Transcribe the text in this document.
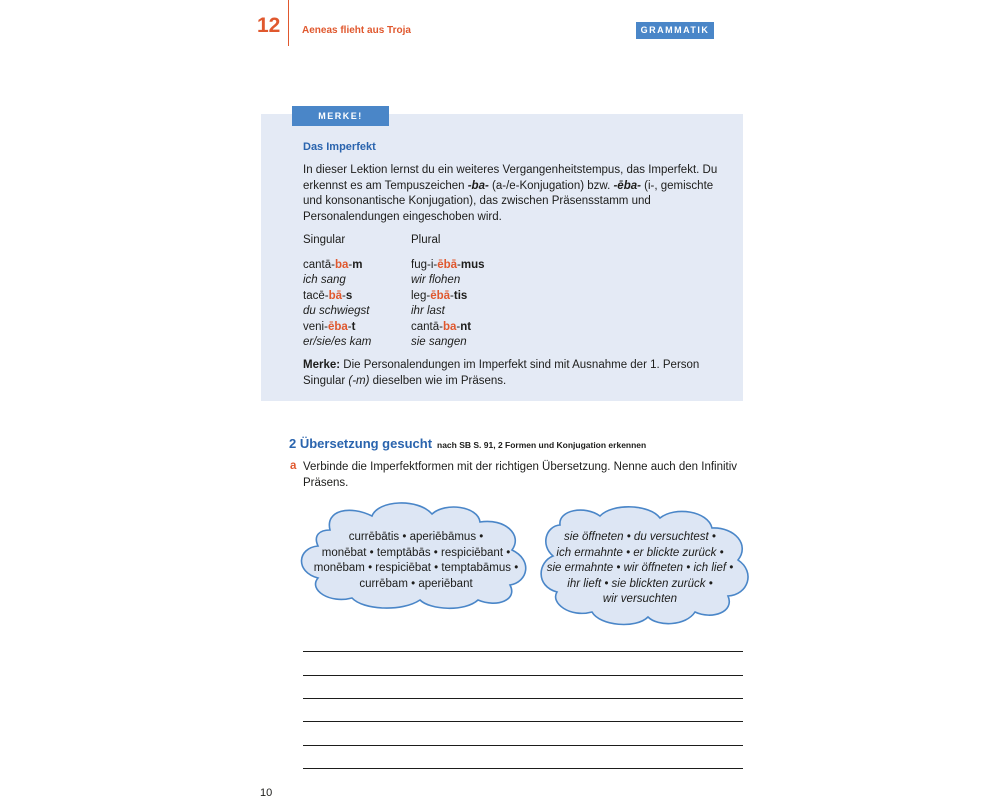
12 Aeneas flieht aus Troja	GRAMMATIK
MERKE!
Das Imperfekt

In dieser Lektion lernst du ein weiteres Vergangenheitstempus, das Imperfekt. Du erkennst es am Tempuszeichen -ba- (a-/e-Konjugation) bzw. -ēba- (i-, gemischte und konsonantische Konjugation), das zwischen Präsensstamm und Personalendungen eingeschoben wird.

Singular	Plural
cantā-ba-m
ich sang
tacē-bā-s
du schwiegst
veni-ēba-t
er/sie/es kam
fug-i-ēbā-mus
wir flohen
leg-ēbā-tis
ihr last
cantā-ba-nt
sie sangen

Merke: Die Personalendungen im Imperfekt sind mit Ausnahme der 1. Person Singular (-m) dieselben wie im Präsens.

2 Übersetzung gesucht nach SB S. 91, 2 Formen und Konjugation erkennen
a Verbinde die Imperfektformen mit der richtigen Übersetzung. Nenne auch den Infinitiv Präsens.

currēbātis • aperiēbāmus •
monēbat • temptābās • respiciēbant •
monēbam • respiciēbat • temptabāmus •
currēbam • aperiēbant
sie öffneten • du versuchtest •
ich ermahnte • er blickte zurück •
sie ermahnte • wir öffneten • ich lief •
ihr lieft • sie blickten zurück •
wir versuchten
10
